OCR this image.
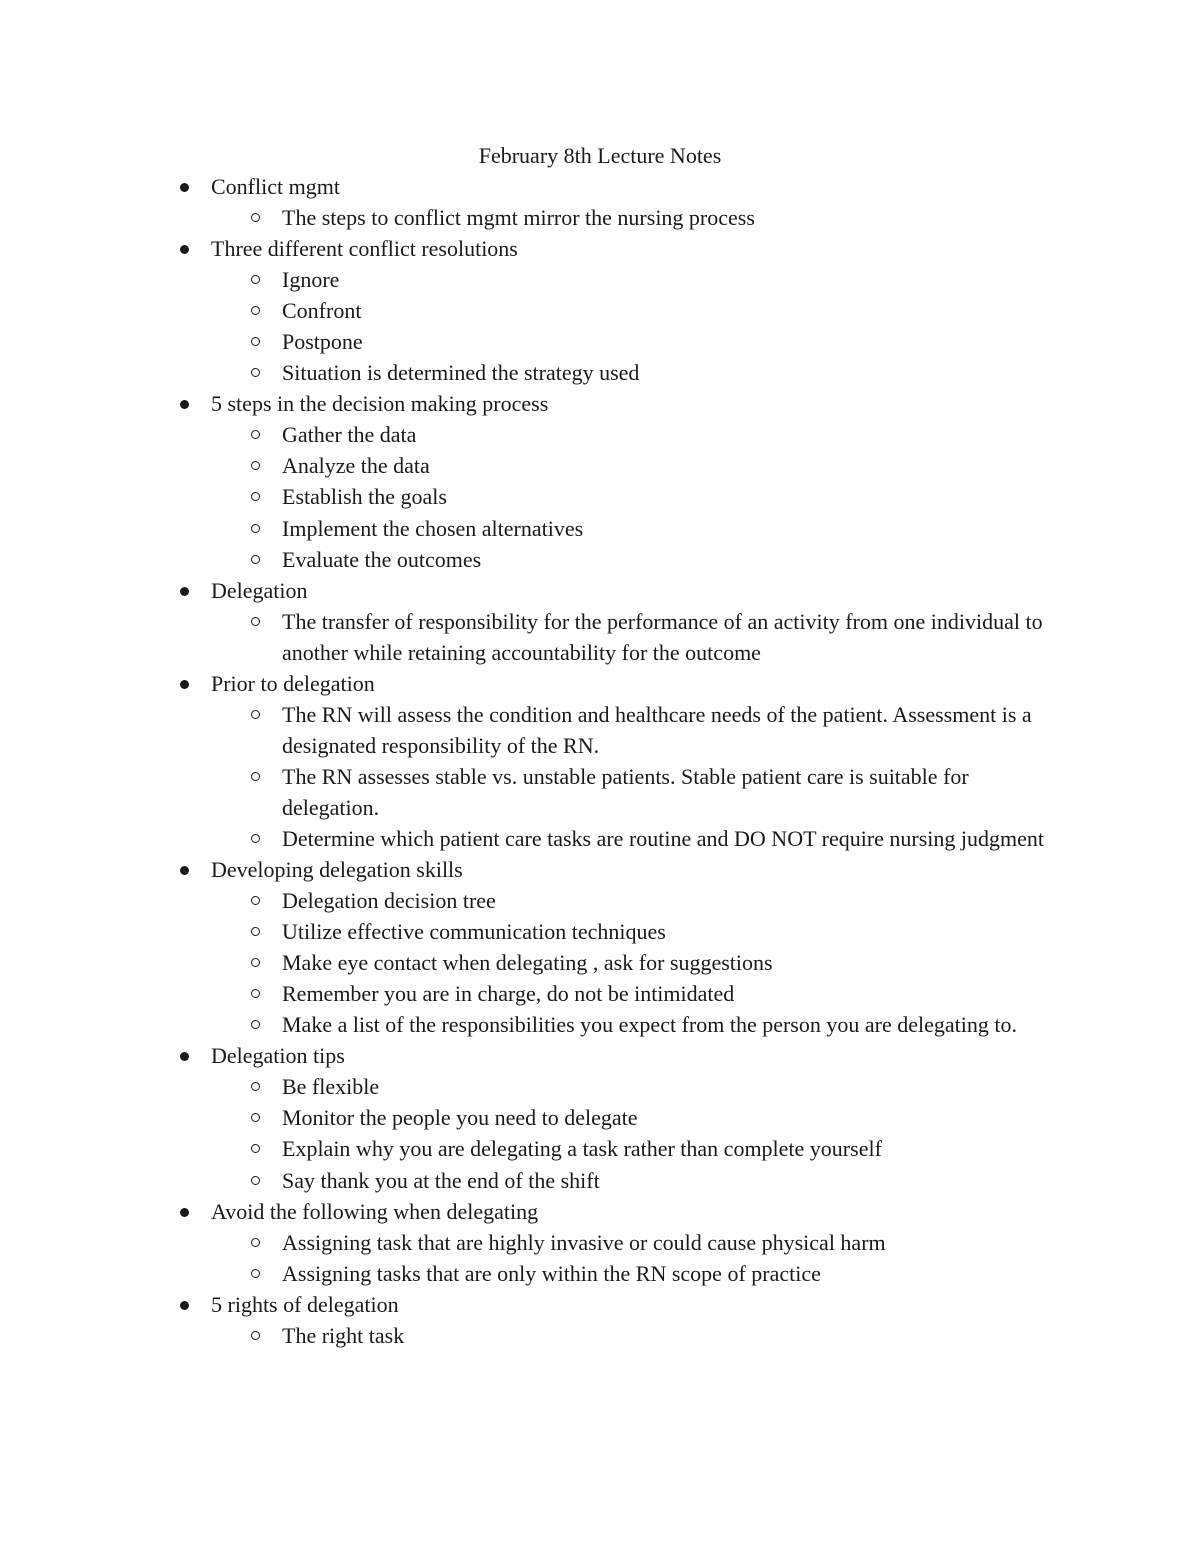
February 8th Lecture Notes
Conflict mgmt
The steps to conflict mgmt mirror the nursing process
Three different conflict resolutions
Ignore
Confront
Postpone
Situation is determined the strategy used
5 steps in the decision making process
Gather the data
Analyze the data
Establish the goals
Implement the chosen alternatives
Evaluate the outcomes
Delegation
The transfer of responsibility for the performance of an activity from one individual to another while retaining accountability for the outcome
Prior to delegation
The RN will assess the condition and healthcare needs of the patient. Assessment is a designated responsibility of the RN.
The RN assesses stable vs. unstable patients. Stable patient care is suitable for delegation.
Determine which patient care tasks are routine and DO NOT require nursing judgment
Developing delegation skills
Delegation decision tree
Utilize effective communication techniques
Make eye contact when delegating , ask for suggestions
Remember you are in charge, do not be intimidated
Make a list of the responsibilities you expect from the person you are delegating to.
Delegation tips
Be flexible
Monitor the people you need to delegate
Explain why you are delegating a task rather than complete yourself
Say thank you at the end of the shift
Avoid the following when delegating
Assigning task that are highly invasive or could cause physical harm
Assigning tasks that are only within the RN scope of practice
5 rights of delegation
The right task
